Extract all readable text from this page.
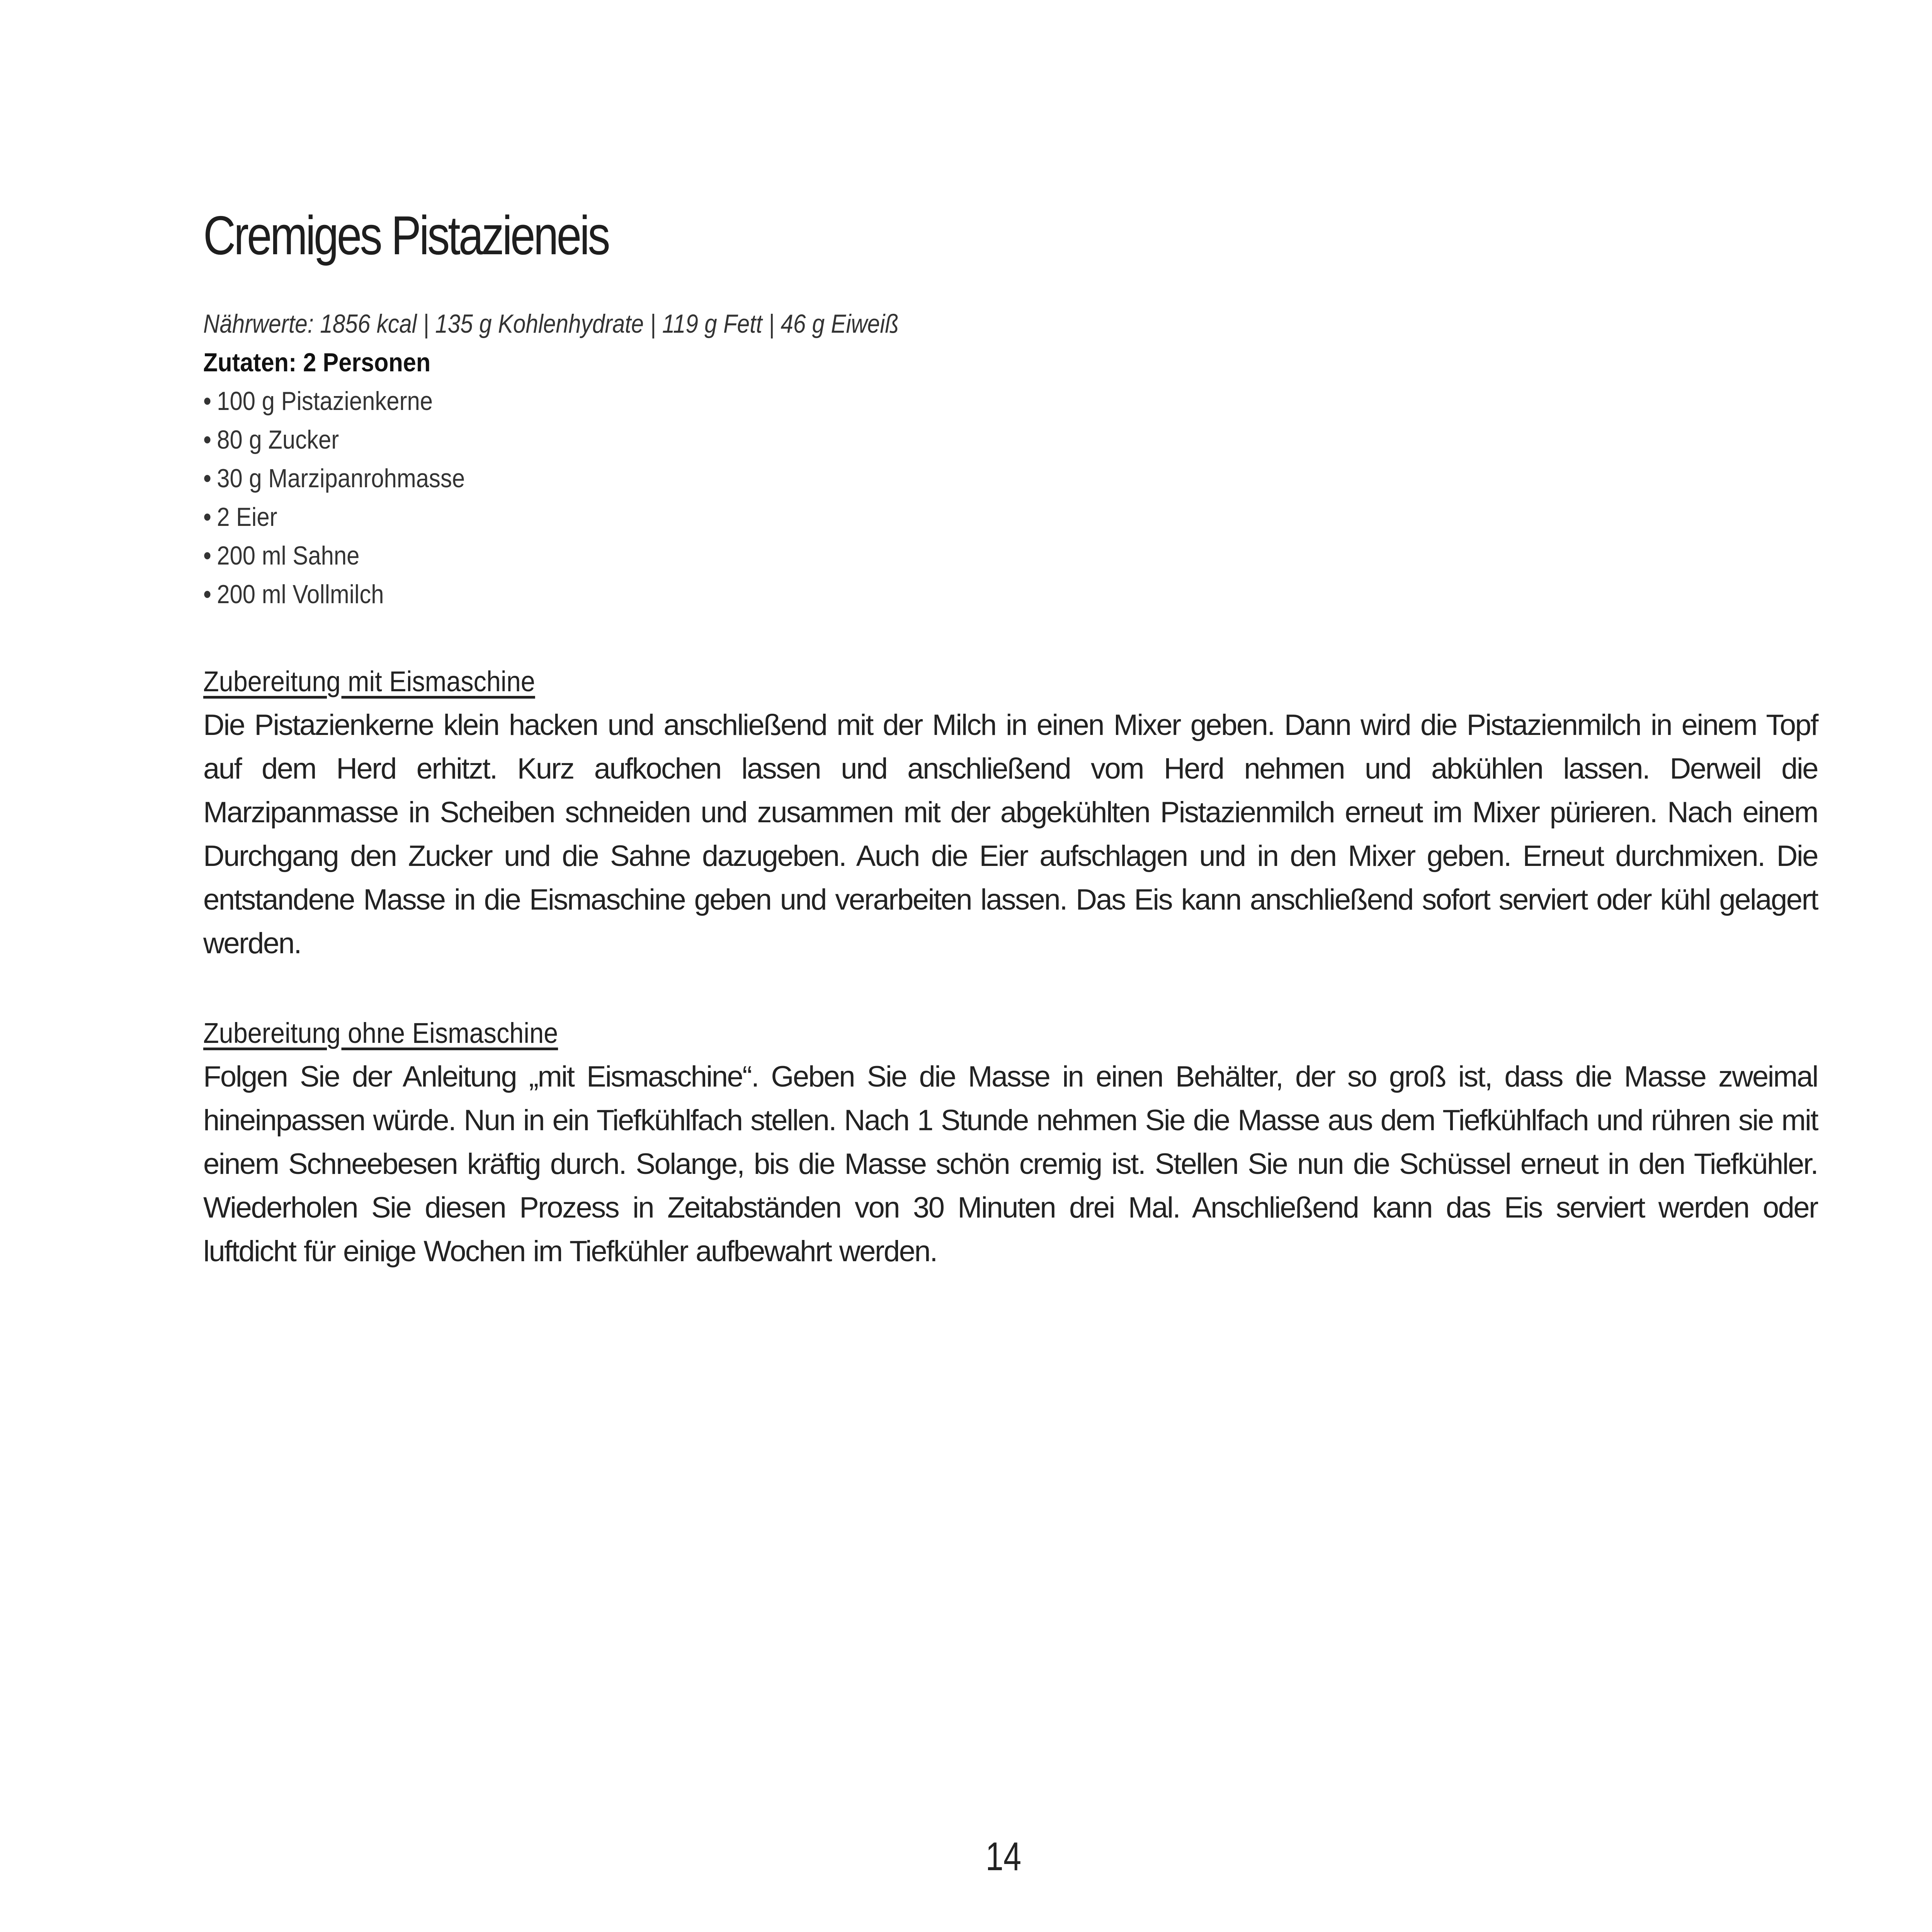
Cremiges Pistazieneis

Nährwerte: 1856 kcal | 135 g Kohlenhydrate | 119 g Fett | 46 g Eiweiß

Zutaten: 2 Personen

• 100 g Pistazienkerne
• 80 g Zucker
• 30 g Marzipanrohmasse
• 2 Eier
• 200 ml Sahne
• 200 ml Vollmilch

Zubereitung mit Eismaschine

Die Pistazienkerne klein hacken und anschließend mit der Milch in einen Mixer geben. Dann wird die Pistazienmilch in einem Topf auf dem Herd erhitzt. Kurz aufkochen lassen und anschließend vom Herd nehmen und abkühlen lassen. Derweil die Marzipanmasse in Scheiben schneiden und zusammen mit der abgekühlten Pistazienmilch erneut im Mixer pürieren. Nach einem Durchgang den Zucker und die Sahne dazugeben. Auch die Eier aufschlagen und in den Mixer geben. Erneut durchmixen. Die entstandene Masse in die Eismaschine geben und verarbeiten lassen. Das Eis kann anschließend sofort serviert oder kühl gelagert werden.

Zubereitung ohne Eismaschine

Folgen Sie der Anleitung „mit Eismaschine“. Geben Sie die Masse in einen Behälter, der so groß ist, dass die Masse zweimal hineinpassen würde. Nun in ein Tiefkühlfach stellen. Nach 1 Stunde nehmen Sie die Masse aus dem Tiefkühlfach und rühren sie mit einem Schneebesen kräftig durch. Solange, bis die Masse schön cremig ist. Stellen Sie nun die Schüssel erneut in den Tiefkühler. Wiederholen Sie diesen Prozess in Zeitabständen von 30 Minuten drei Mal. Anschließend kann das Eis serviert werden oder luftdicht für einige Wochen im Tiefkühler aufbewahrt werden.

14
